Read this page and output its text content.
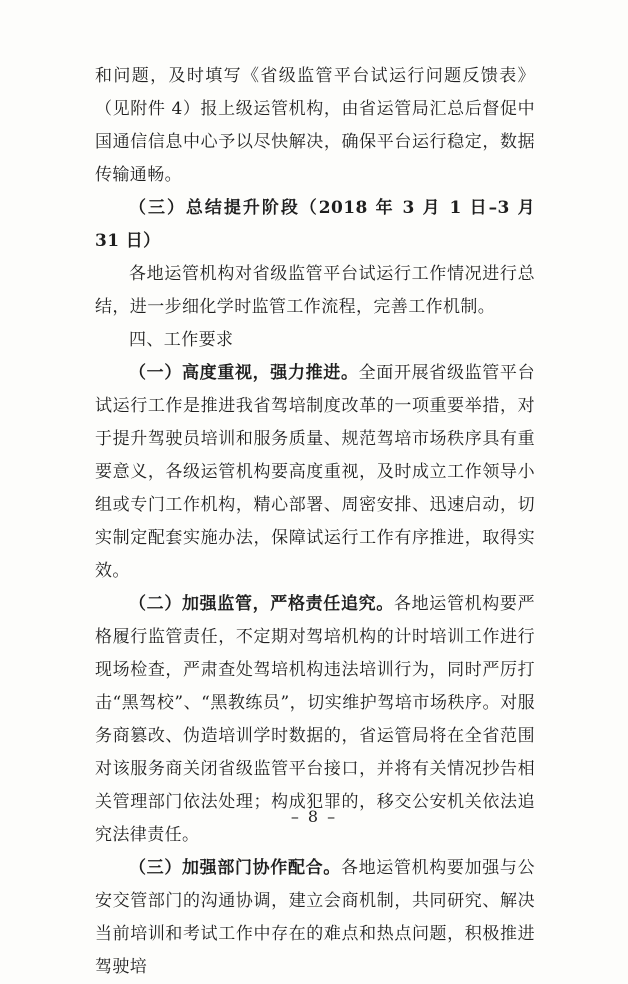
和问题，及时填写《省级监管平台试运行问题反馈表》（见附件 4）报上级运管机构，由省运管局汇总后督促中国通信信息中心予以尽快解决，确保平台运行稳定，数据传输通畅。

（三）总结提升阶段（2018 年 3 月 1 日–3 月 31 日）

各地运管机构对省级监管平台试运行工作情况进行总结，进一步细化学时监管工作流程，完善工作机制。

四、工作要求

（一）高度重视，强力推进。全面开展省级监管平台试运行工作是推进我省驾培制度改革的一项重要举措，对于提升驾驶员培训和服务质量、规范驾培市场秩序具有重要意义，各级运管机构要高度重视，及时成立工作领导小组或专门工作机构，精心部署、周密安排、迅速启动，切实制定配套实施办法，保障试运行工作有序推进，取得实效。

（二）加强监管，严格责任追究。各地运管机构要严格履行监管责任，不定期对驾培机构的计时培训工作进行现场检查，严肃查处驾培机构违法培训行为，同时严厉打击“黑驾校”、“黑教练员”，切实维护驾培市场秩序。对服务商篡改、伪造培训学时数据的，省运管局将在全省范围对该服务商关闭省级监管平台接口，并将有关情况抄告相关管理部门依法处理；构成犯罪的，移交公安机关依法追究法律责任。

（三）加强部门协作配合。各地运管机构要加强与公安交管部门的沟通协调，建立会商机制，共同研究、解决当前培训和考试工作中存在的难点和热点问题，积极推进驾驶培

– 8 –
